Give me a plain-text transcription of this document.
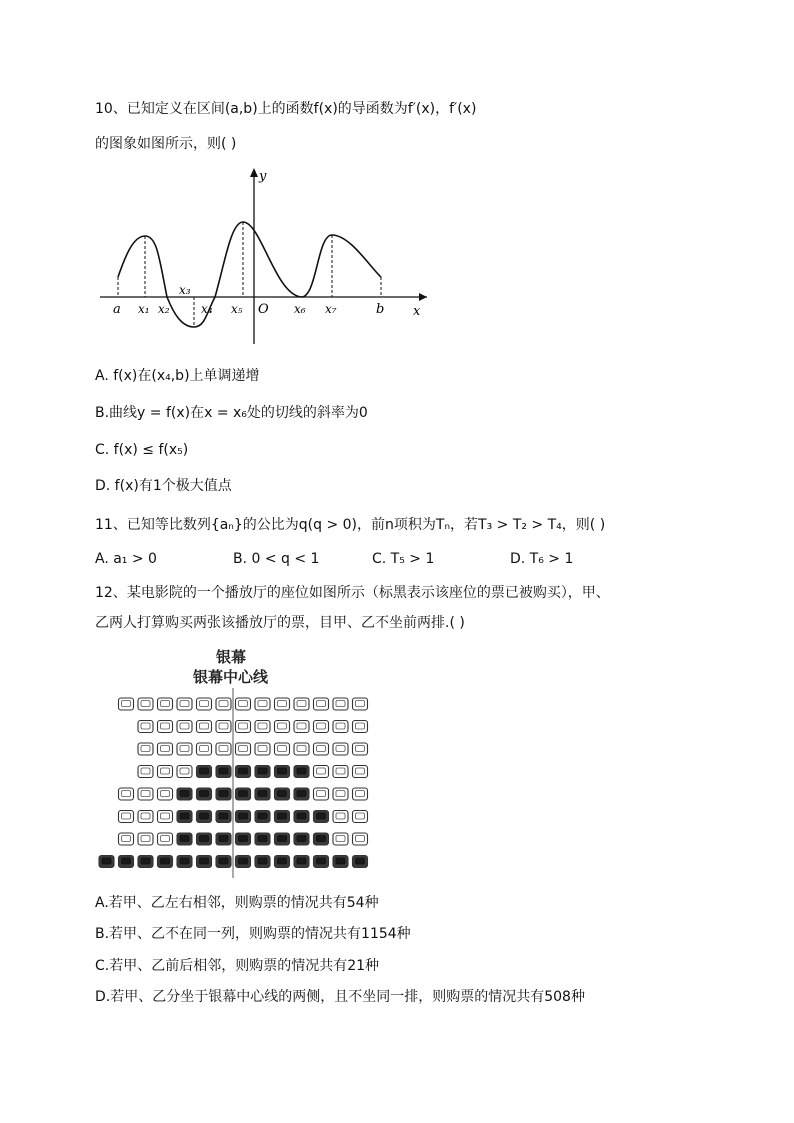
10、已知定义在区间(a,b)上的函数f(x)的导函数为f′(x)，f′(x)
的图象如图所示，则( )
y
x
a x₁ x₂
x₃
x₄ x₅ O x₆ x₇	b
A. f(x)在(x₄,b)上单调递增
B.曲线y = f(x)在x = x₆处的切线的斜率为0
C. f(x) ≤ f(x₅)
D. f(x)有1个极大值点
11、已知等比数列{aₙ}的公比为q(q > 0)，前n项积为Tₙ，若T₃ > T₂ > T₄，则( )
A. a₁ > 0	B. 0 < q < 1	C. T₅ > 1	D. T₆ > 1
12、某电影院的一个播放厅的座位如图所示（标黑表示该座位的票已被购买），甲、
乙两人打算购买两张该播放厅的票，目甲、乙不坐前两排.( )
银幕
银幕中心线
A.若甲、乙左右相邻，则购票的情况共有54种
B.若甲、乙不在同一列，则购票的情况共有1154种
C.若甲、乙前后相邻，则购票的情况共有21种
D.若甲、乙分坐于银幕中心线的两侧，且不坐同一排，则购票的情况共有508种
